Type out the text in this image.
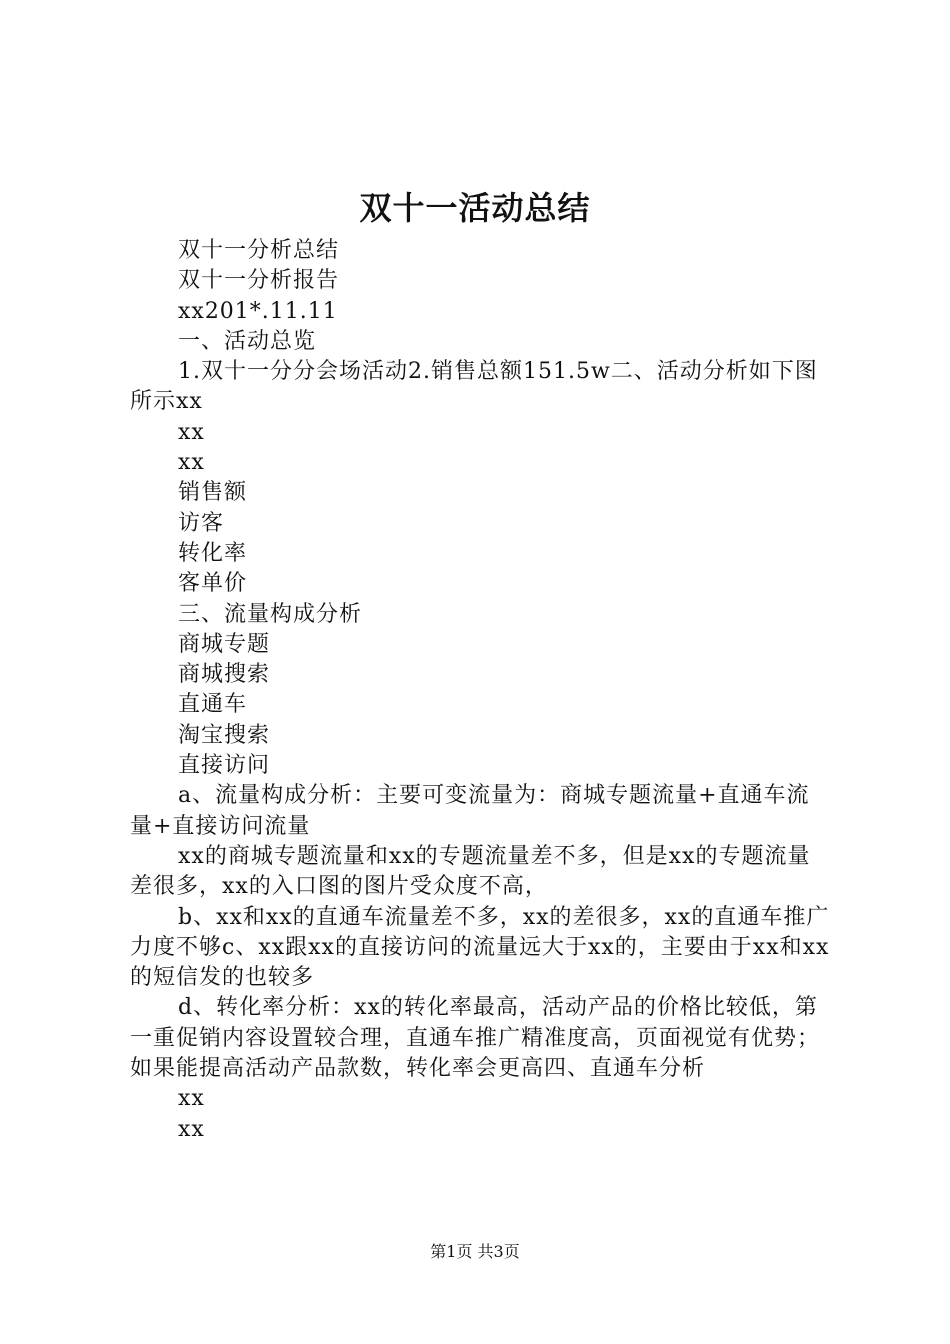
双十一活动总结

双十一分析总结

双十一分析报告

xx201*.11.11

一、活动总览

1.双十一分分会场活动2.销售总额151.5w二、活动分析如下图所示xx

xx

xx

销售额

访客

转化率

客单价

三、流量构成分析

商城专题

商城搜索

直通车

淘宝搜索

直接访问

a、流量构成分析：主要可变流量为：商城专题流量+直通车流量+直接访问流量

xx的商城专题流量和xx的专题流量差不多，但是xx的专题流量差很多，xx的入口图的图片受众度不高，

b、xx和xx的直通车流量差不多，xx的差很多，xx的直通车推广力度不够c、xx跟xx的直接访问的流量远大于xx的，主要由于xx和xx的短信发的也较多

d、转化率分析：xx的转化率最高，活动产品的价格比较低，第一重促销内容设置较合理，直通车推广精准度高，页面视觉有优势；如果能提高活动产品款数，转化率会更高四、直通车分析

xx

xx

第1页 共3页
